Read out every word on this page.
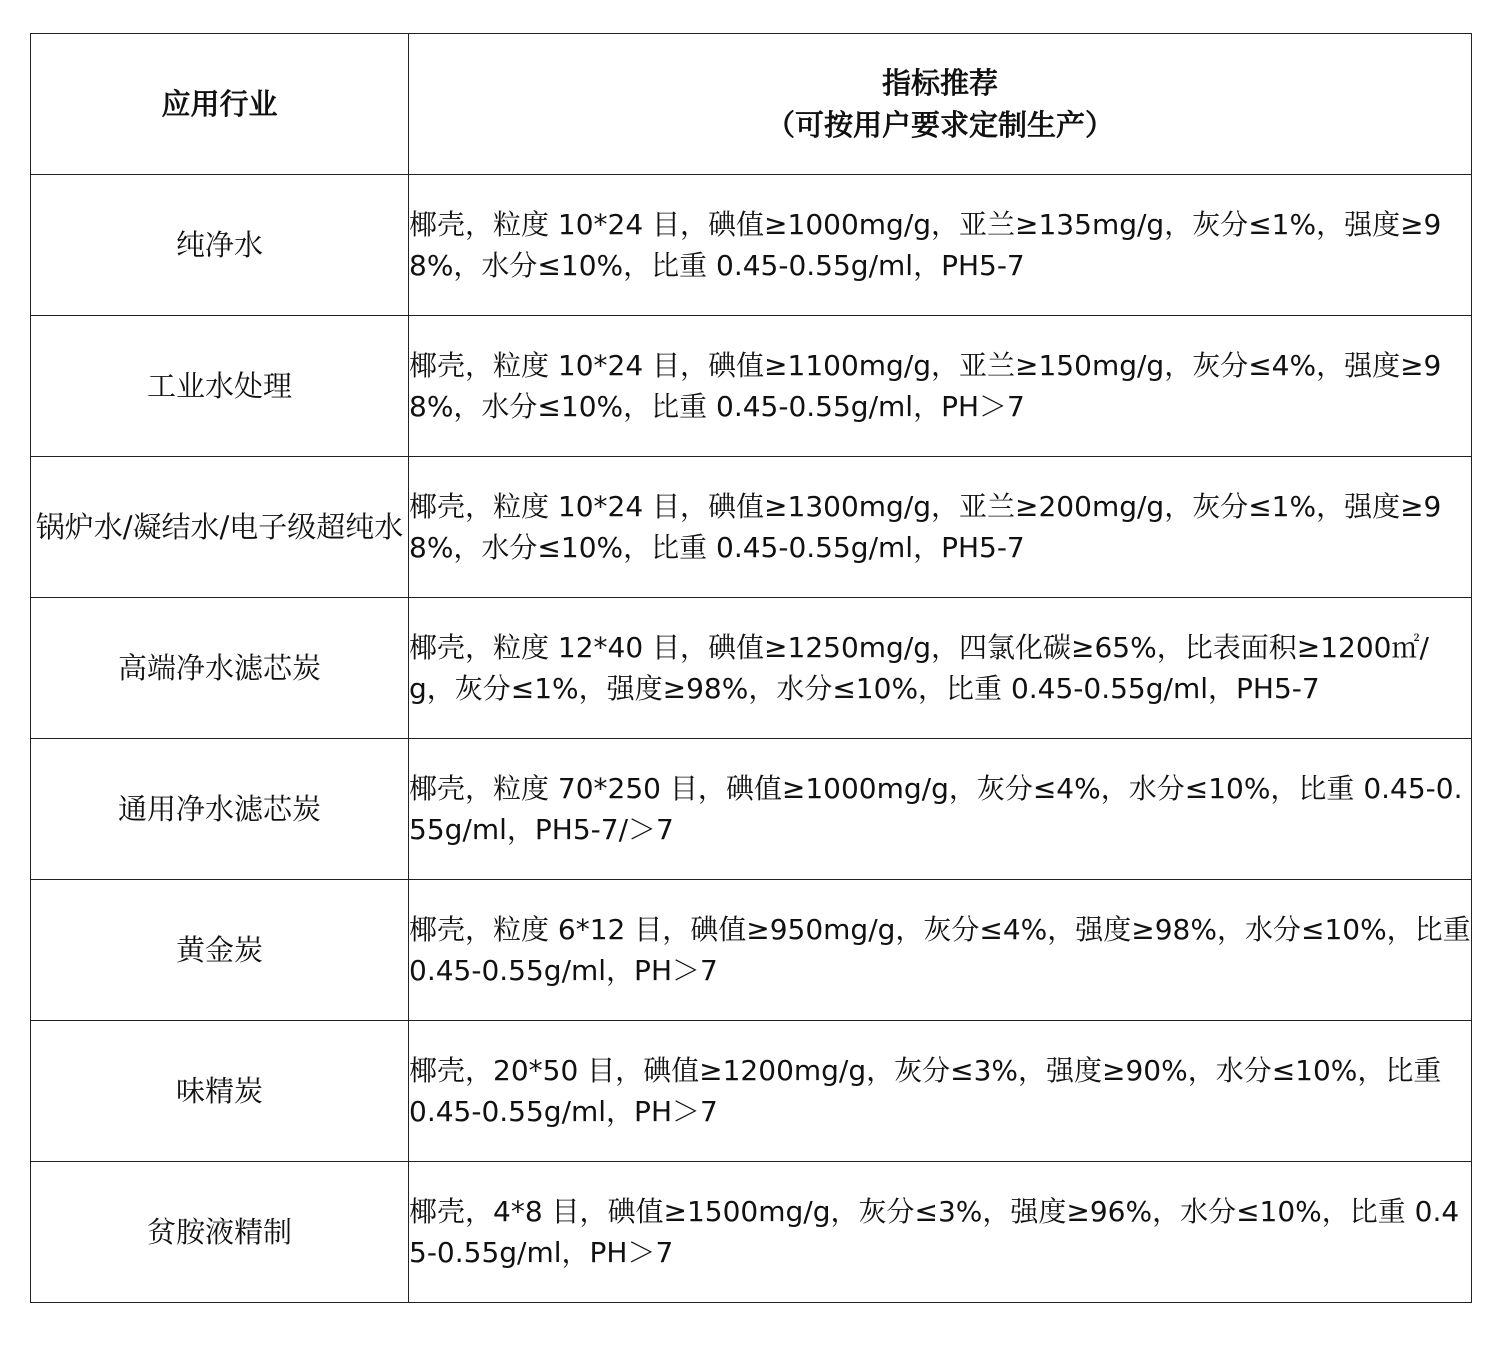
应用行业	指标推荐
（可按用户要求定制生产）

纯净水	椰壳，粒度 10*24 目，碘值≥1000mg/g，亚兰≥135mg/g，灰分≤1%，强度≥98%，水分≤10%，比重 0.45-0.55g/ml，PH5-7
工业水处理	椰壳，粒度 10*24 目，碘值≥1100mg/g，亚兰≥150mg/g，灰分≤4%，强度≥98%，水分≤10%，比重 0.45-0.55g/ml，PH＞7
锅炉水/凝结水/电子级超纯水	椰壳，粒度 10*24 目，碘值≥1300mg/g，亚兰≥200mg/g，灰分≤1%，强度≥98%，水分≤10%，比重 0.45-0.55g/ml，PH5-7
高端净水滤芯炭	椰壳，粒度 12*40 目，碘值≥1250mg/g，四氯化碳≥65%，比表面积≥1200㎡/g，灰分≤1%，强度≥98%，水分≤10%，比重 0.45-0.55g/ml，PH5-7
通用净水滤芯炭	椰壳，粒度 70*250 目，碘值≥1000mg/g，灰分≤4%，水分≤10%，比重 0.45-0.55g/ml，PH5-7/＞7
黄金炭	椰壳，粒度 6*12 目，碘值≥950mg/g，灰分≤4%，强度≥98%，水分≤10%，比重 0.45-0.55g/ml，PH＞7
味精炭	椰壳，20*50 目，碘值≥1200mg/g，灰分≤3%，强度≥90%，水分≤10%，比重 0.45-0.55g/ml，PH＞7
贫胺液精制	椰壳，4*8 目，碘值≥1500mg/g，灰分≤3%，强度≥96%，水分≤10%，比重 0.45-0.55g/ml，PH＞7
